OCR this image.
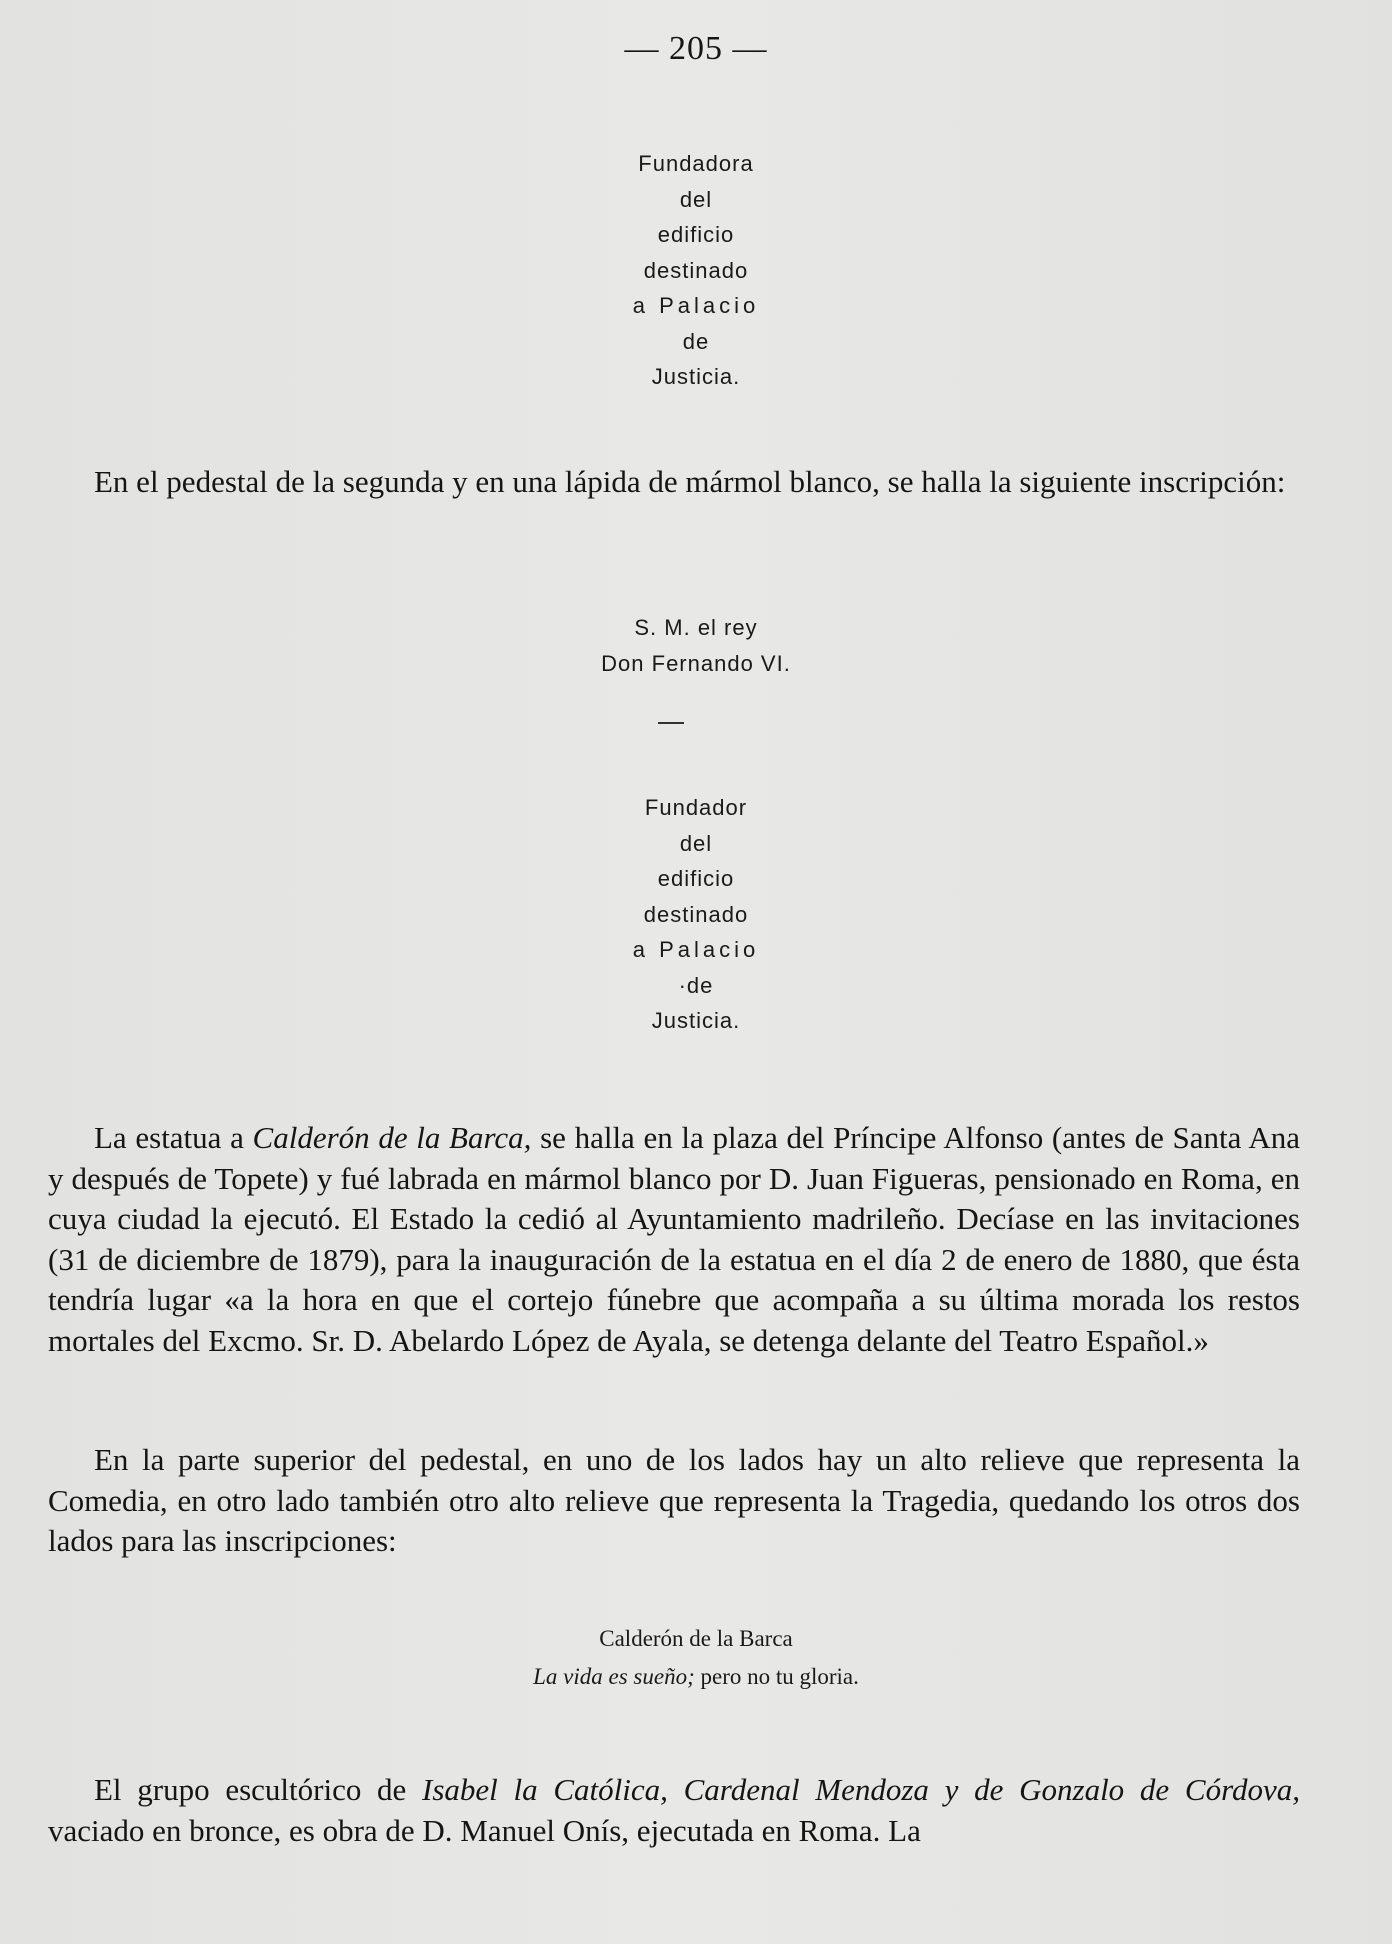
— 205 —
Fundadora
del
edificio
destinado
a Palacio
de
Justicia.

En el pedestal de la segunda y en una lápida de mármol blanco, se halla la siguiente inscripción:

S. M. el rey
Don Fernando VI.
Fundador
del
edificio
destinado
a Palacio
·de
Justicia.

La estatua a Calderón de la Barca, se halla en la plaza del Príncipe Alfonso (antes de Santa Ana y después de Topete) y fué labrada en mármol blanco por D. Juan Figueras, pensionado en Roma, en cuya ciudad la ejecutó. El Estado la cedió al Ayuntamiento madrileño. Decíase en las invitaciones (31 de diciembre de 1879), para la inauguración de la estatua en el día 2 de enero de 1880, que ésta tendría lugar «a la hora en que el cortejo fúnebre que acompaña a su última morada los restos mortales del Excmo. Sr. D. Abelardo López de Ayala, se detenga delante del Teatro Español.»

En la parte superior del pedestal, en uno de los lados hay un alto relieve que representa la Comedia, en otro lado también otro alto relieve que representa la Tragedia, quedando los otros dos lados para las inscripciones:

Calderón de la Barca
La vida es sueño; pero no tu gloria.

El grupo escultórico de Isabel la Católica, Cardenal Mendoza y de Gonzalo de Córdova, vaciado en bronce, es obra de D. Manuel Onís, ejecutada en Roma. La
